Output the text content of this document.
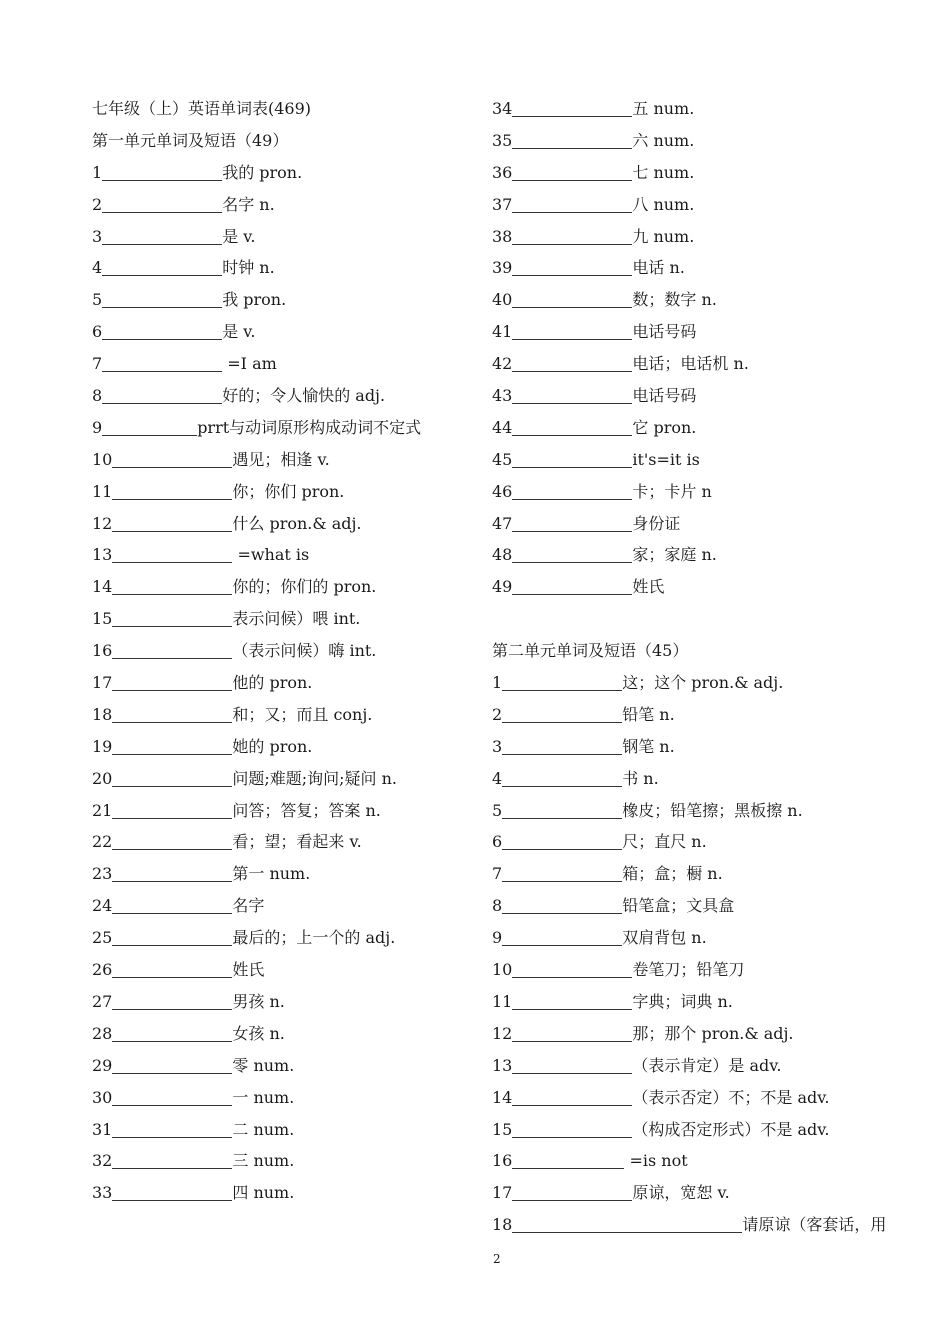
七年级（上）英语单词表(469)
第一单元单词及短语（49）
1	我的 pron.
2	名字 n.
3	是 v.
4	时钟 n.
5	我 pron.
6	是 v.
7	=I am
8	好的；令人愉快的 adj.
9	prrt与动词原形构成动词不定式
10	遇见；相逢 v.
11	你；你们 pron.
12	什么 pron.& adj.
13	=what is
14	你的；你们的 pron.
15	表示问候）喂 int.
16	（表示问候）嗨 int.
17	他的 pron.
18	和；又；而且 conj.
19	她的 pron.
20	问题;难题;询问;疑问 n.
21	问答；答复；答案 n.
22	看；望；看起来 v.
23	第一 num.
24	名字
25	最后的；上一个的 adj.
26	姓氏
27	男孩 n.
28	女孩 n.
29	零 num.
30	一 num.
31	二 num.
32	三 num.
33	四 num.
34	五 num.
35	六 num.
36	七 num.
37	八 num.
38	九 num.
39	电话 n.
40	数；数字 n.
41	电话号码
42	电话；电话机 n.
43	电话号码
44	它 pron.
45	it's=it is
46	卡；卡片 n
47	身份证
48	家；家庭 n.
49	姓氏
第二单元单词及短语（45）
1	这；这个 pron.& adj.
2	铅笔 n.
3	钢笔 n.
4	书 n.
5	橡皮；铅笔擦；黑板擦 n.
6	尺；直尺 n.
7	箱；盒；橱 n.
8	铅笔盒；文具盒
9	双肩背包 n.
10	卷笔刀；铅笔刀
11	字典；词典 n.
12	那；那个 pron.& adj.
13	（表示肯定）是 adv.
14	（表示否定）不；不是 adv.
15	（构成否定形式）不是 adv.
16	=is not
17	原谅，宽恕 v.
18	请原谅（客套话，用
2
